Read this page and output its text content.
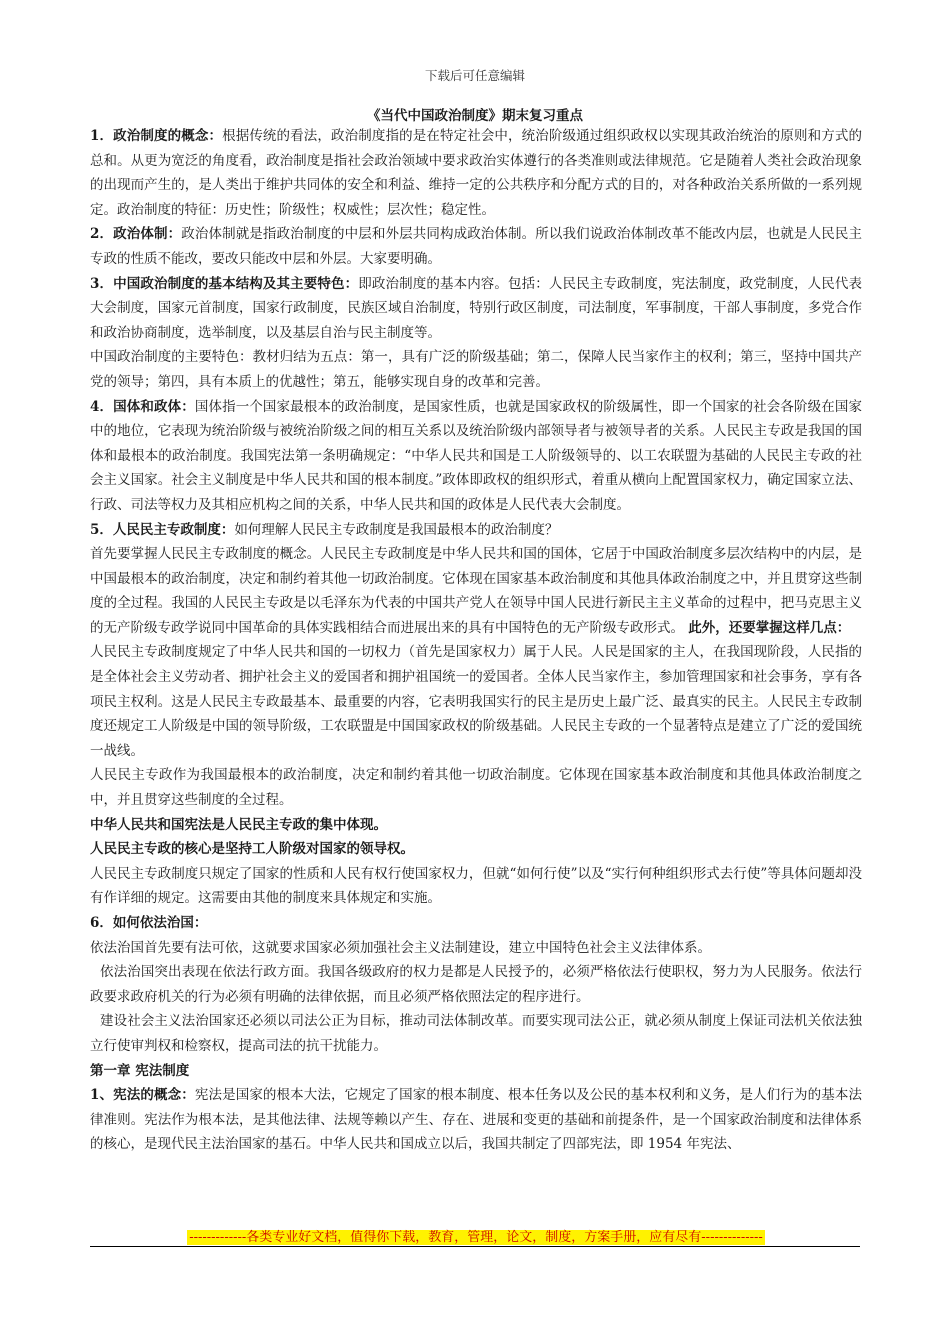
下载后可任意编辑
《当代中国政治制度》期末复习重点

1．政治制度的概念：根据传统的看法，政治制度指的是在特定社会中，统治阶级通过组织政权以实现其政治统治的原则和方式的总和。从更为宽泛的角度看，政治制度是指社会政治领域中要求政治实体遵行的各类准则或法律规范。它是随着人类社会政治现象的出现而产生的，是人类出于维护共同体的安全和利益、维持一定的公共秩序和分配方式的目的，对各种政治关系所做的一系列规定。政治制度的特征：历史性；阶级性；权威性；层次性；稳定性。

2．政治体制：政治体制就是指政治制度的中层和外层共同构成政治体制。所以我们说政治体制改革不能改内层，也就是人民民主专政的性质不能改，要改只能改中层和外层。大家要明确。

3．中国政治制度的基本结构及其主要特色：即政治制度的基本内容。包括：人民民主专政制度，宪法制度，政党制度，人民代表大会制度，国家元首制度，国家行政制度，民族区域自治制度，特别行政区制度，司法制度，军事制度，干部人事制度，多党合作和政治协商制度，选举制度，以及基层自治与民主制度等。

中国政治制度的主要特色：教材归结为五点：第一，具有广泛的阶级基础；第二，保障人民当家作主的权利；第三，坚持中国共产党的领导；第四，具有本质上的优越性；第五，能够实现自身的改革和完善。

4．国体和政体：国体指一个国家最根本的政治制度，是国家性质，也就是国家政权的阶级属性，即一个国家的社会各阶级在国家中的地位，它表现为统治阶级与被统治阶级之间的相互关系以及统治阶级内部领导者与被领导者的关系。人民民主专政是我国的国体和最根本的政治制度。我国宪法第一条明确规定：“中华人民共和国是工人阶级领导的、以工农联盟为基础的人民民主专政的社会主义国家。社会主义制度是中华人民共和国的根本制度。”政体即政权的组织形式，着重从横向上配置国家权力，确定国家立法、行政、司法等权力及其相应机构之间的关系，中华人民共和国的政体是人民代表大会制度。

5．人民民主专政制度：如何理解人民民主专政制度是我国最根本的政治制度？

首先要掌握人民民主专政制度的概念。人民民主专政制度是中华人民共和国的国体，它居于中国政治制度多层次结构中的内层，是中国最根本的政治制度，决定和制约着其他一切政治制度。它体现在国家基本政治制度和其他具体政治制度之中，并且贯穿这些制度的全过程。我国的人民民主专政是以毛泽东为代表的中国共产党人在领导中国人民进行新民主主义革命的过程中，把马克思主义的无产阶级专政学说同中国革命的具体实践相结合而进展出来的具有中国特色的无产阶级专政形式。 此外，还要掌握这样几点：

人民民主专政制度规定了中华人民共和国的一切权力（首先是国家权力）属于人民。人民是国家的主人，在我国现阶段，人民指的是全体社会主义劳动者、拥护社会主义的爱国者和拥护祖国统一的爱国者。全体人民当家作主，参加管理国家和社会事务，享有各项民主权利。这是人民民主专政最基本、最重要的内容，它表明我国实行的民主是历史上最广泛、最真实的民主。人民民主专政制度还规定工人阶级是中国的领导阶级，工农联盟是中国国家政权的阶级基础。人民民主专政的一个显著特点是建立了广泛的爱国统一战线。

人民民主专政作为我国最根本的政治制度，决定和制约着其他一切政治制度。它体现在国家基本政治制度和其他具体政治制度之中，并且贯穿这些制度的全过程。

中华人民共和国宪法是人民民主专政的集中体现。

人民民主专政的核心是坚持工人阶级对国家的领导权。

人民民主专政制度只规定了国家的性质和人民有权行使国家权力，但就“如何行使”以及“实行何种组织形式去行使”等具体问题却没有作详细的规定。这需要由其他的制度来具体规定和实施。

6．如何依法治国：

依法治国首先要有法可依，这就要求国家必须加强社会主义法制建设，建立中国特色社会主义法律体系。

依法治国突出表现在依法行政方面。我国各级政府的权力是都是人民授予的，必须严格依法行使职权，努力为人民服务。依法行政要求政府机关的行为必须有明确的法律依据，而且必须严格依照法定的程序进行。

建设社会主义法治国家还必须以司法公正为目标，推动司法体制改革。而要实现司法公正，就必须从制度上保证司法机关依法独立行使审判权和检察权，提高司法的抗干扰能力。

第一章 宪法制度

1、宪法的概念：宪法是国家的根本大法，它规定了国家的根本制度、根本任务以及公民的基本权利和义务，是人们行为的基本法律准则。宪法作为根本法，是其他法律、法规等赖以产生、存在、进展和变更的基础和前提条件，是一个国家政治制度和法律体系的核心，是现代民主法治国家的基石。中华人民共和国成立以后，我国共制定了四部宪法，即 1954 年宪法、

-------------各类专业好文档，值得你下载，教育，管理，论文，制度，方案手册，应有尽有--------------
